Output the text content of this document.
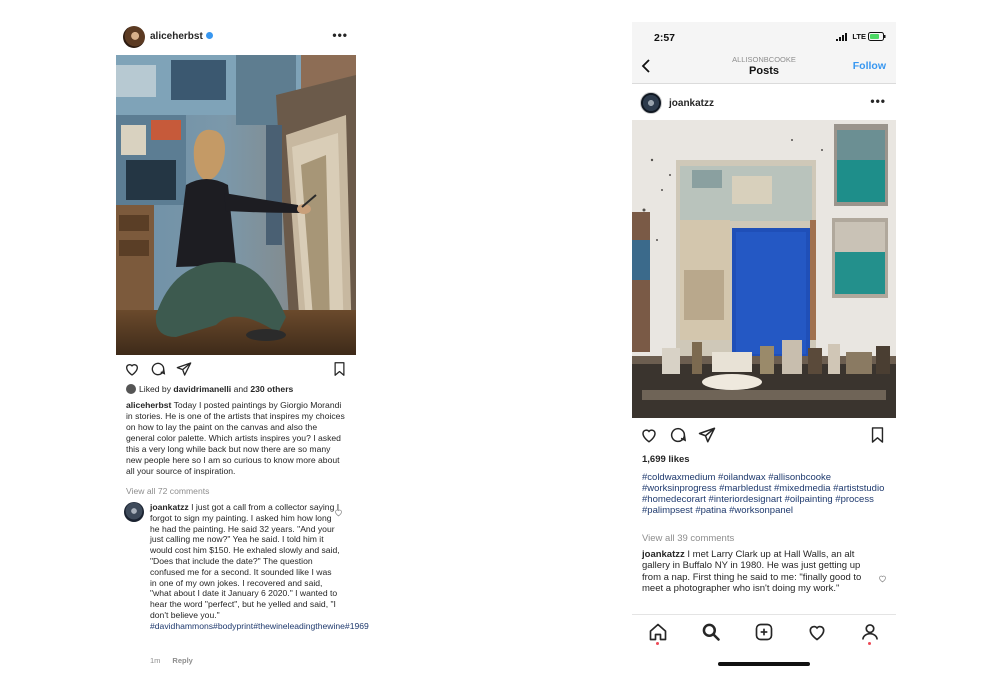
aliceherbst	•••
Liked by davidrimanelli and 230 others
aliceherbst Today I posted paintings by Giorgio Morandi in stories. He is one of the artists that inspires my choices on how to lay the paint on the canvas and also the general color palette. Which artists inspires you? I asked this a very long while back but now there are so many new people here so I am so curious to know more about all your source of inspiration.
View all 72 comments
joankatzz I just got a call from a collector saying I forgot to sign my painting. I asked him how long he had the painting. He said 32 years. "And your just calling me now?" Yea he said. I told him it would cost him $150. He exhaled slowly and said, "Does that include the date?" The question confused me for a second. It sounded like I was in one of my own jokes. I recovered and said, "what about I date it January 6 2020." I wanted to hear the word "perfect", but he yelled and said, "I don't believe you." #davidhammons#bodyprint#thewineleadingthewine#1969
1m Reply
2:57	LTE
ALLISONBCOOKE
Posts	Follow
joankatzz	•••
1,699 likes
#coldwaxmedium #oilandwax #allisonbcooke #worksinprogress #marbledust #mixedmedia #artiststudio #homedecorart #interiordesignart #oilpainting #process #palimpsest #patina #worksonpanel
View all 39 comments
joankatzz I met Larry Clark up at Hall Walls, an alt gallery in Buffalo NY in 1980. He was just getting up from a nap. First thing he said to me: "finally good to meet a photographer who isn't doing my work."
